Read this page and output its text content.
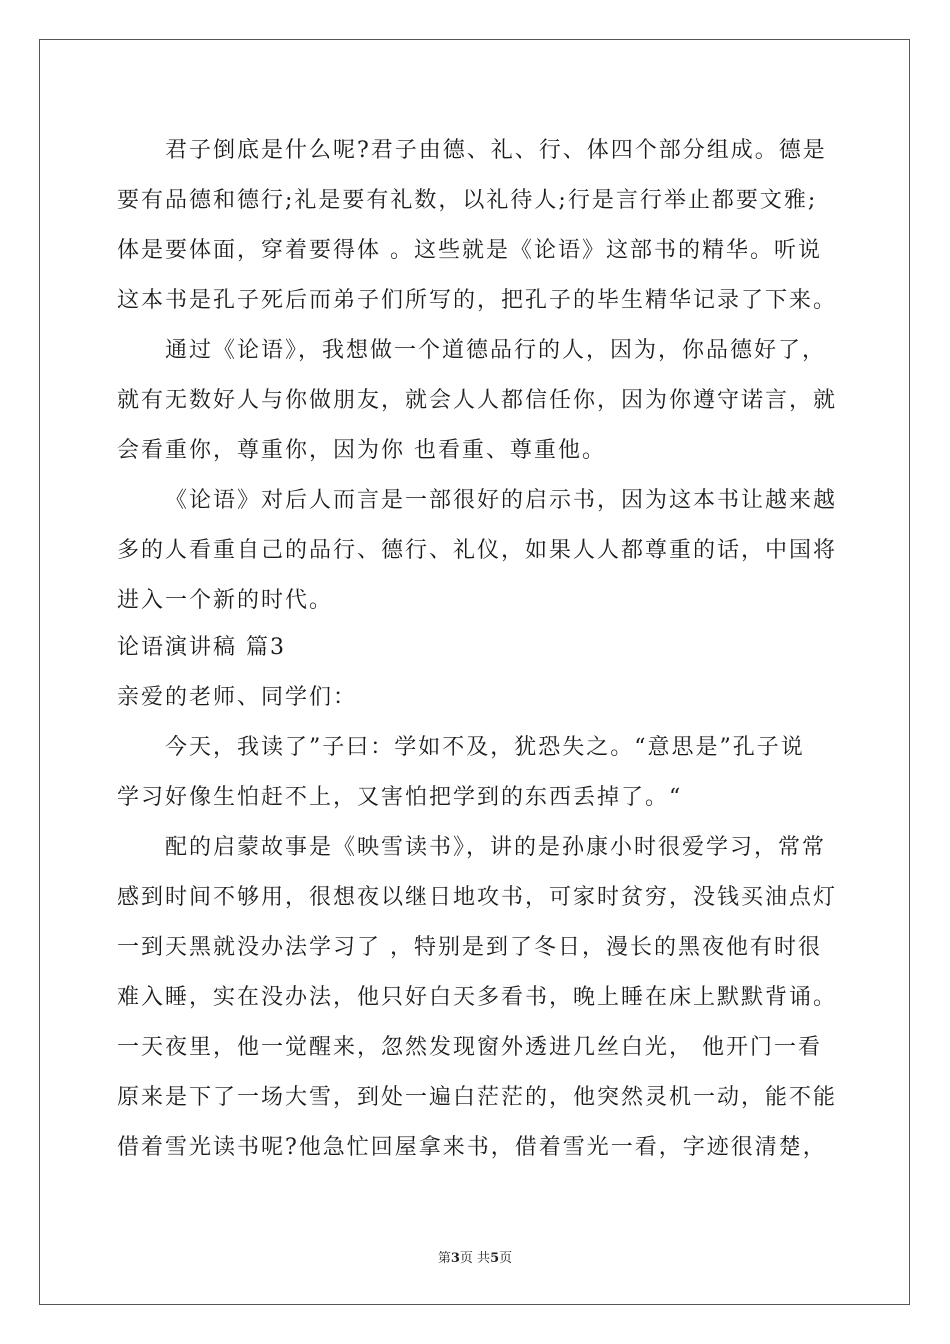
君子倒底是什么呢?君子由德、礼、行、体四个部分组成。德是
要有品德和德行;礼是要有礼数，以礼待人;行是言行举止都要文雅;
体是要体面，穿着要得体 。这些就是《论语》这部书的精华。听说
这本书是孔子死后而弟子们所写的，把孔子的毕生精华记录了下来。
通过《论语》，我想做一个道德品行的人，因为，你品德好了，
就有无数好人与你做朋友，就会人人都信任你，因为你遵守诺言，就
会看重你，尊重你，因为你 也看重、尊重他。
《论语》对后人而言是一部很好的启示书，因为这本书让越来越
多的人看重自己的品行、德行、礼仪，如果人人都尊重的话，中国将
进入一个新的时代。
论语演讲稿 篇3
亲爱的老师、同学们：
今天，我读了”子曰：学如不及，犹恐失之。“意思是”孔子说
学习好像生怕赶不上，又害怕把学到的东西丢掉了。“
配的启蒙故事是《映雪读书》，讲的是孙康小时很爱学习，常常
感到时间不够用，很想夜以继日地攻书，可家时贫穷，没钱买油点灯
一到天黑就没办法学习了 ，特别是到了冬日，漫长的黑夜他有时很
难入睡，实在没办法，他只好白天多看书，晚上睡在床上默默背诵。
一天夜里，他一觉醒来，忽然发现窗外透进几丝白光， 他开门一看
原来是下了一场大雪，到处一遍白茫茫的，他突然灵机一动，能不能
借着雪光读书呢?他急忙回屋拿来书，借着雪光一看，字迹很清楚，
第3页 共5页
